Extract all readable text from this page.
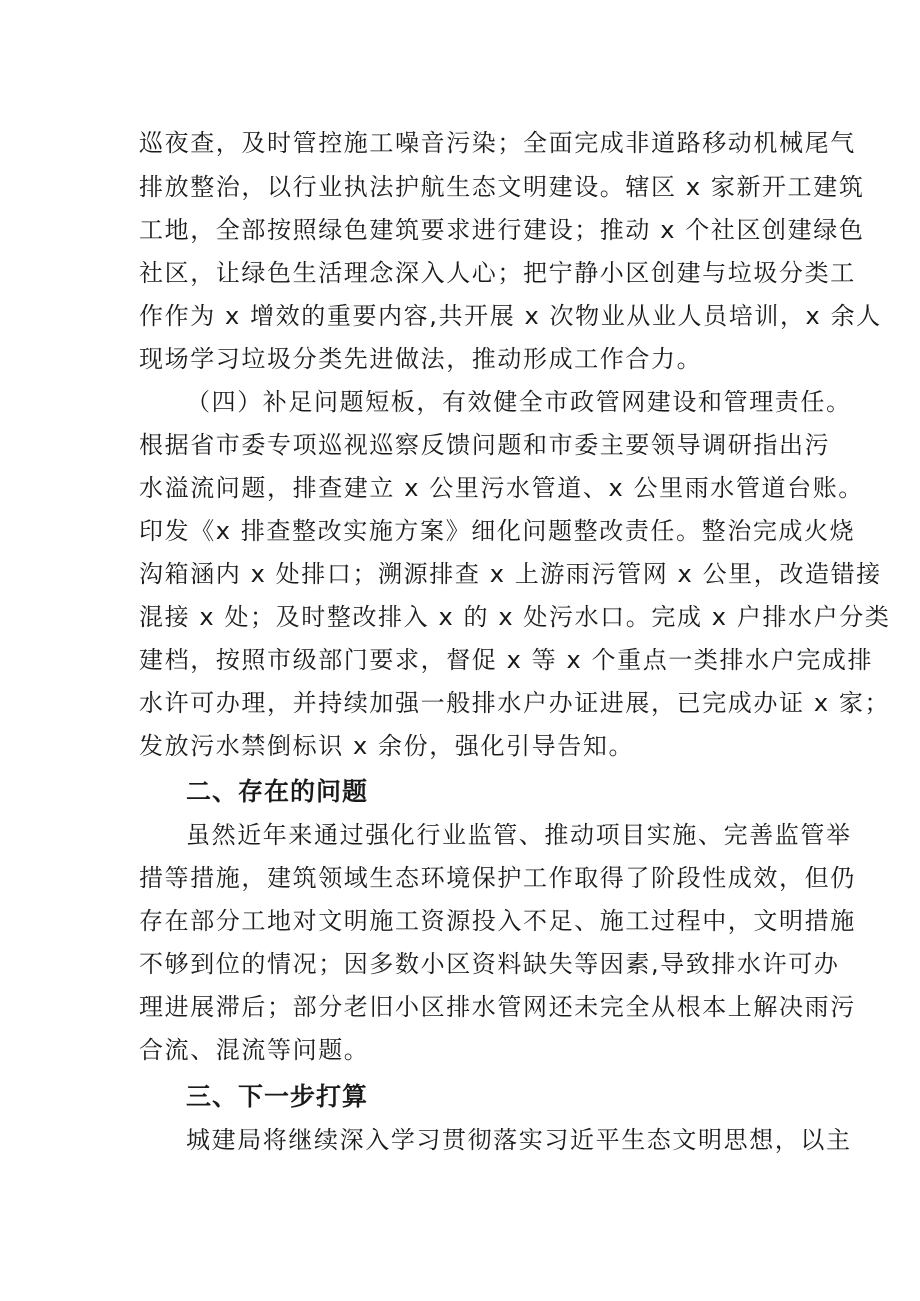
巡夜查，及时管控施工噪音污染；全面完成非道路移动机械尾气
排放整治，以行业执法护航生态文明建设。辖区 x 家新开工建筑
工地，全部按照绿色建筑要求进行建设；推动 x 个社区创建绿色
社区，让绿色生活理念深入人心；把宁静小区创建与垃圾分类工
作作为 x 增效的重要内容,共开展 x 次物业从业人员培训，x 余人
现场学习垃圾分类先进做法，推动形成工作合力。
（四）补足问题短板，有效健全市政管网建设和管理责任。
根据省市委专项巡视巡察反馈问题和市委主要领导调研指出污
水溢流问题，排查建立 x 公里污水管道、x 公里雨水管道台账。
印发《x 排查整改实施方案》细化问题整改责任。整治完成火烧
沟箱涵内 x 处排口；溯源排查 x 上游雨污管网 x 公里，改造错接
混接 x 处；及时整改排入 x 的 x 处污水口。完成 x 户排水户分类
建档，按照市级部门要求，督促 x 等 x 个重点一类排水户完成排
水许可办理，并持续加强一般排水户办证进展，已完成办证 x 家；
发放污水禁倒标识 x 余份，强化引导告知。
二、存在的问题
虽然近年来通过强化行业监管、推动项目实施、完善监管举
措等措施，建筑领域生态环境保护工作取得了阶段性成效，但仍
存在部分工地对文明施工资源投入不足、施工过程中，文明措施
不够到位的情况；因多数小区资料缺失等因素,导致排水许可办
理进展滞后；部分老旧小区排水管网还未完全从根本上解决雨污
合流、混流等问题。
三、下一步打算
城建局将继续深入学习贯彻落实习近平生态文明思想，以主
